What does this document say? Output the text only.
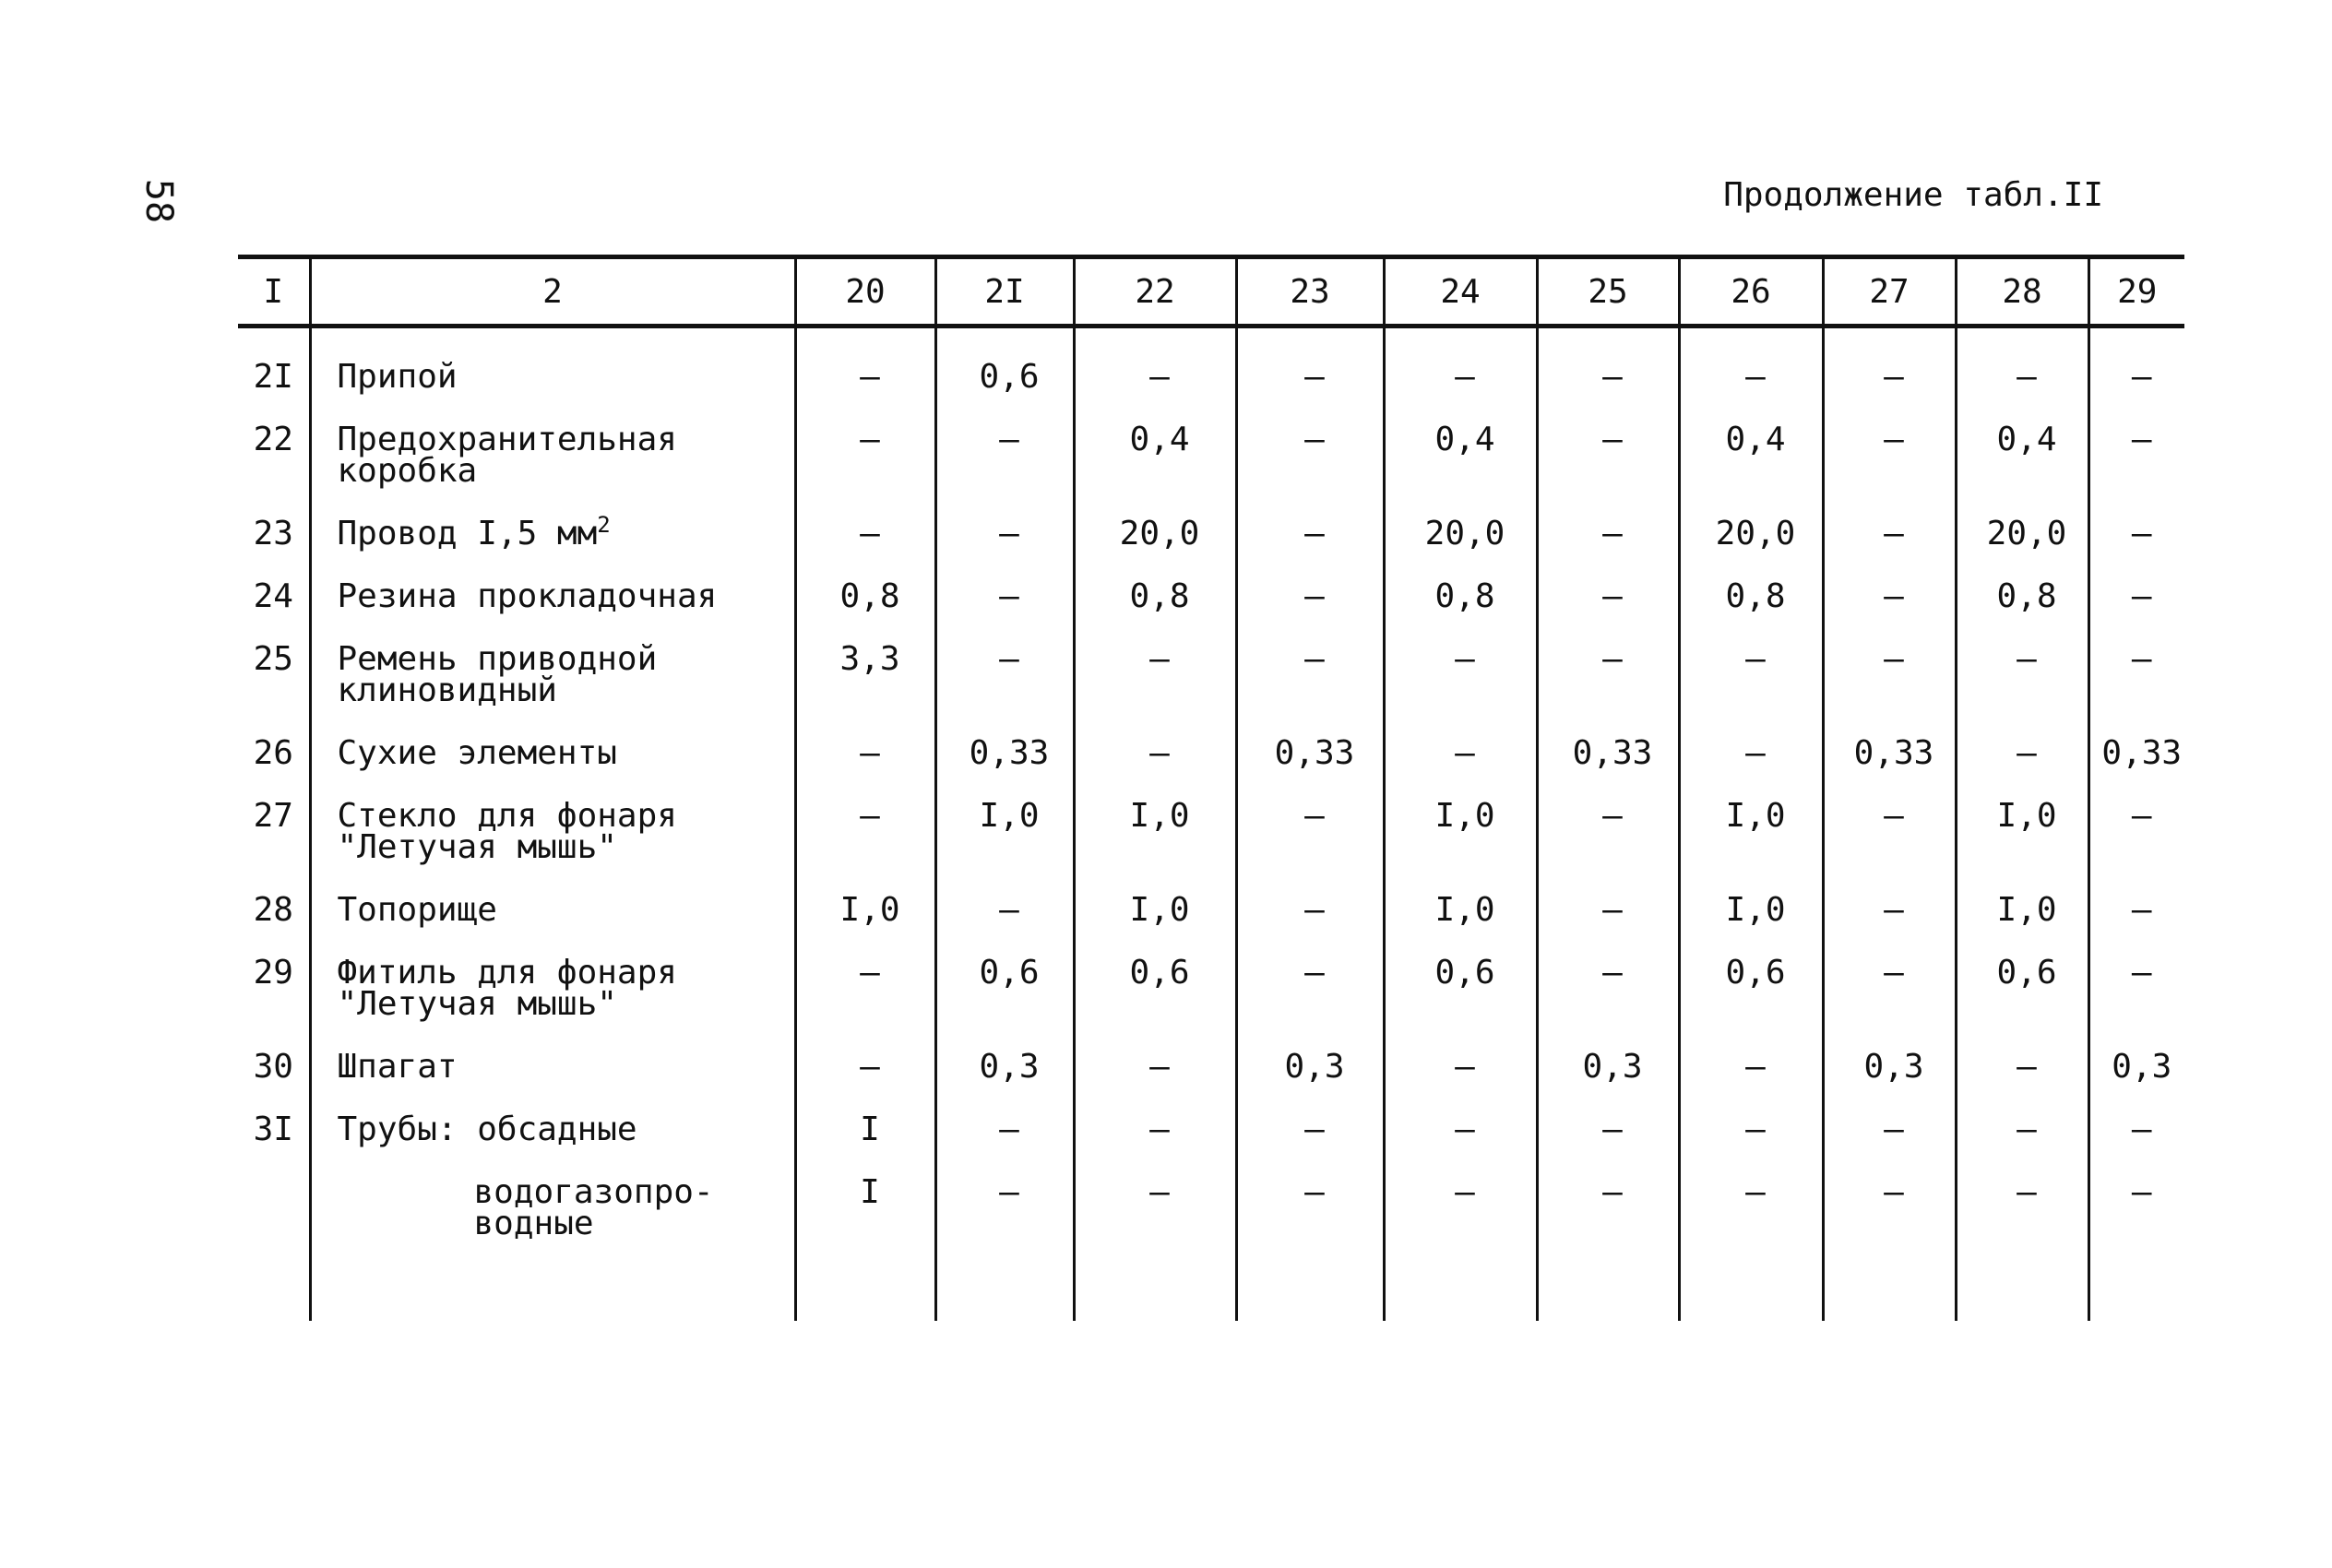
58	Продолжение табл.II
I	2	20	2I	22	23	24	25	26	27	28	29

2I	Припой	–	0,6	–	–	–	–	–	–	–	–

22	Предохранительная
коробка	–	–	0,4	–	0,4	–	0,4	–	0,4	–

23	Провод I,5 $мм^2$	–	–	20,0	–	20,0	–	20,0	–	20,0	–

24	Резина прокладочная	0,8	–	0,8	–	0,8	–	0,8	–	0,8	–

25	Ремень приводной
клиновидный	3,3	–	–	–	–	–	–	–	–	–

26	Сухие элементы	–	0,33	–	0,33	–	0,33	–	0,33	–	0,33

27	Стекло для фонаря
"Летучая мышь"	–	I,0	I,0	–	I,0	–	I,0	–	I,0	–

28	Топорище	I,0	–	I,0	–	I,0	–	I,0	–	I,0	–

29	Фитиль для фонаря
"Летучая мышь"	–	0,6	0,6	–	0,6	–	0,6	–	0,6	–

30	Шпагат	–	0,3	–	0,3	–	0,3	–	0,3	–	0,3

3I	Трубы: обсадные	I	–	–	–	–	–	–	–	–	–

	водогазопро-
водные	I	–	–	–	–	–	–	–	–	–
